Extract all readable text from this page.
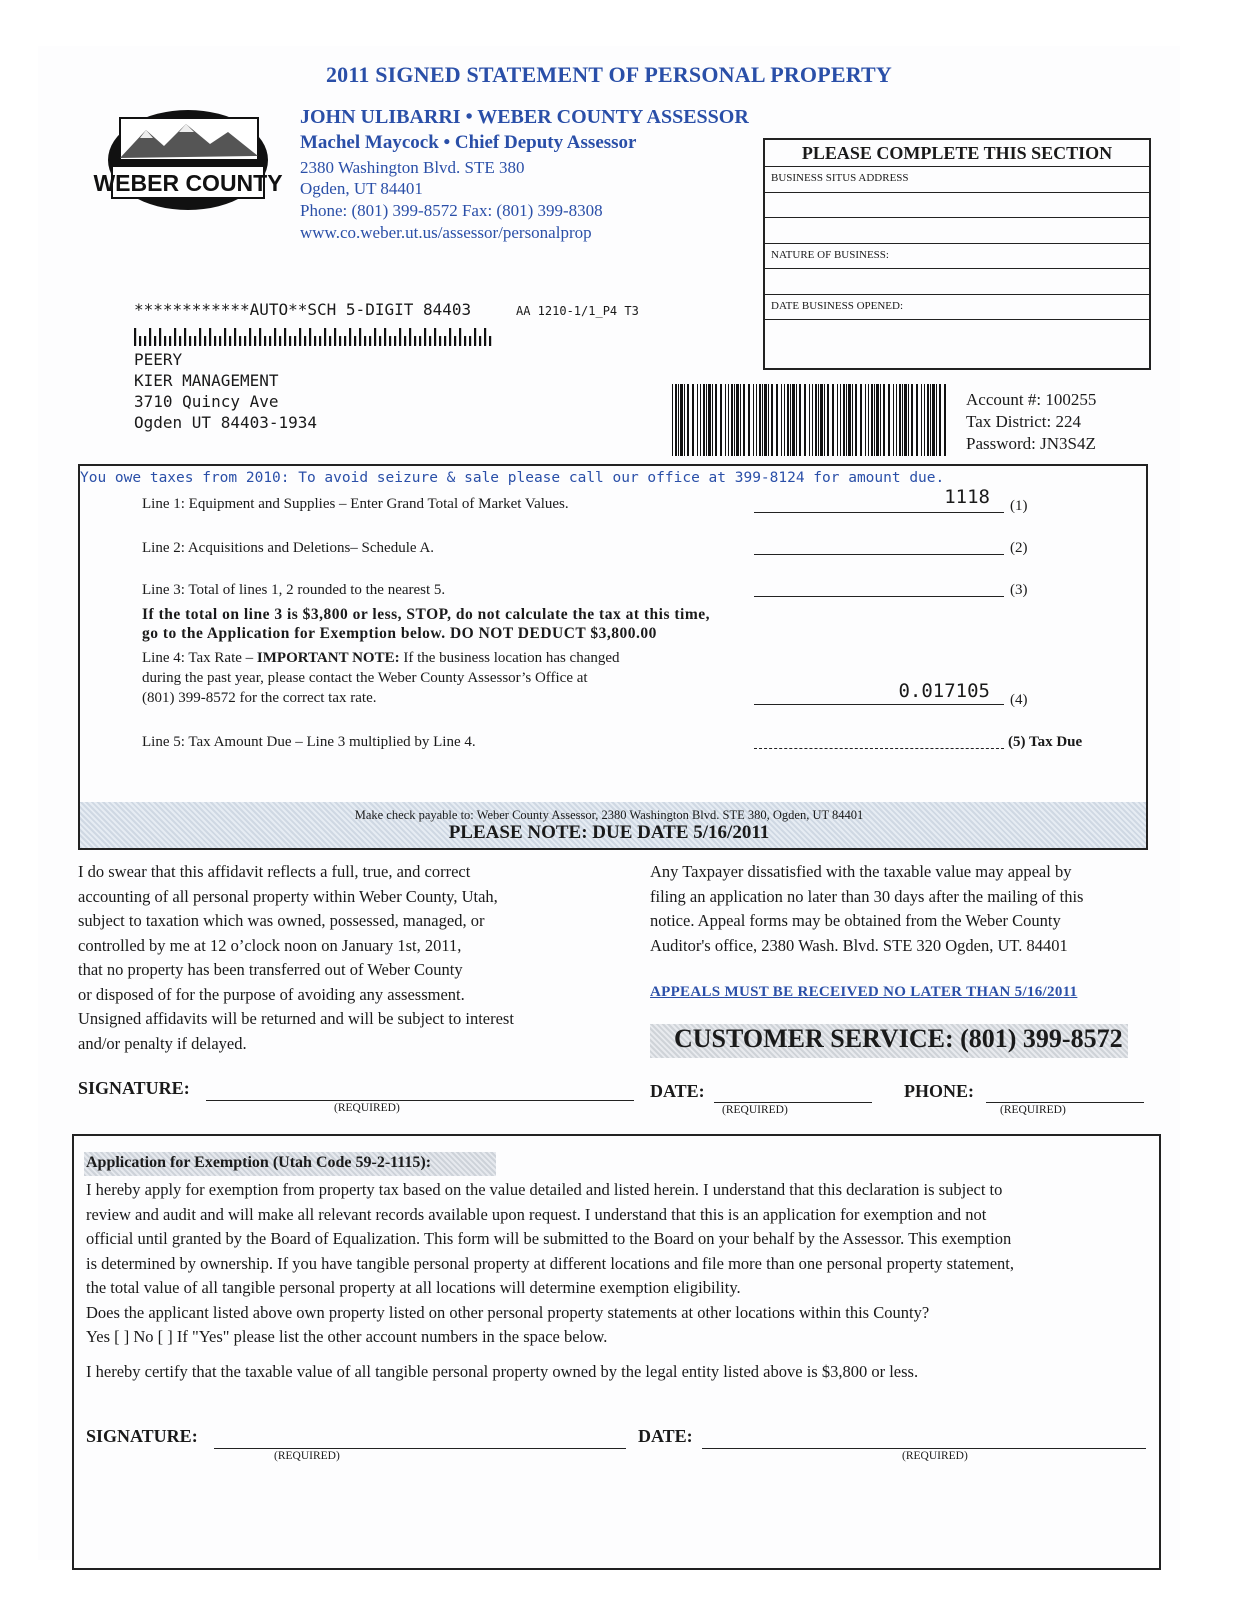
2011 SIGNED STATEMENT OF PERSONAL PROPERTY
WEBER COUNTY
JOHN ULIBARRI • WEBER COUNTY ASSESSOR
Machel Maycock • Chief Deputy Assessor
2380 Washington Blvd. STE 380
Ogden, UT 84401
Phone: (801) 399-8572 Fax: (801) 399-8308
www.co.weber.ut.us/assessor/personalprop
PLEASE COMPLETE THIS SECTION
BUSINESS SITUS ADDRESS
NATURE OF BUSINESS:
DATE BUSINESS OPENED:
************AUTO**SCH 5-DIGIT 84403	AA 1210-1/1_P4 T3
PEERY
KIER MANAGEMENT
3710 Quincy Ave
Ogden UT 84403-1934
Account #: 100255
Tax District: 224
Password: JN3S4Z
You owe taxes from 2010: To avoid seizure & sale please call our office at 399-8124 for amount due.
Line 1: Equipment and Supplies – Enter Grand Total of Market Values.	1118 (1)
Line 2: Acquisitions and Deletions– Schedule A.	(2)
Line 3: Total of lines 1, 2 rounded to the nearest 5.	(3)
If the total on line 3 is $3,800 or less, STOP, do not calculate the tax at this time,
go to the Application for Exemption below. DO NOT DEDUCT $3,800.00
Line 4: Tax Rate – IMPORTANT NOTE: If the business location has changed
during the past year, please contact the Weber County Assessor’s Office at
(801) 399-8572 for the correct tax rate.	0.017105 (4)
Line 5: Tax Amount Due – Line 3 multiplied by Line 4.	(5) Tax Due
Make check payable to: Weber County Assessor, 2380 Washington Blvd. STE 380, Ogden, UT 84401
PLEASE NOTE: DUE DATE 5/16/2011
I do swear that this affidavit reflects a full, true, and correct
accounting of all personal property within Weber County, Utah,
subject to taxation which was owned, possessed, managed, or
controlled by me at 12 o’clock noon on January 1st, 2011,
that no property has been transferred out of Weber County
or disposed of for the purpose of avoiding any assessment.
Unsigned affidavits will be returned and will be subject to interest
and/or penalty if delayed.
Any Taxpayer dissatisfied with the taxable value may appeal by
filing an application no later than 30 days after the mailing of this
notice. Appeal forms may be obtained from the Weber County
Auditor's office, 2380 Wash. Blvd. STE 320 Ogden, UT. 84401
APPEALS MUST BE RECEIVED NO LATER THAN 5/16/2011
CUSTOMER SERVICE: (801) 399-8572
SIGNATURE:
(REQUIRED)
DATE:
(REQUIRED)
PHONE:
(REQUIRED)
Application for Exemption (Utah Code 59-2-1115):
I hereby apply for exemption from property tax based on the value detailed and listed herein. I understand that this declaration is subject to
review and audit and will make all relevant records available upon request. I understand that this is an application for exemption and not
official until granted by the Board of Equalization. This form will be submitted to the Board on your behalf by the Assessor. This exemption
is determined by ownership. If you have tangible personal property at different locations and file more than one personal property statement,
the total value of all tangible personal property at all locations will determine exemption eligibility.
Does the applicant listed above own property listed on other personal property statements at other locations within this County?
Yes [ ] No [ ] If "Yes" please list the other account numbers in the space below.
I hereby certify that the taxable value of all tangible personal property owned by the legal entity listed above is $3,800 or less.
SIGNATURE:
(REQUIRED)
DATE:
(REQUIRED)
